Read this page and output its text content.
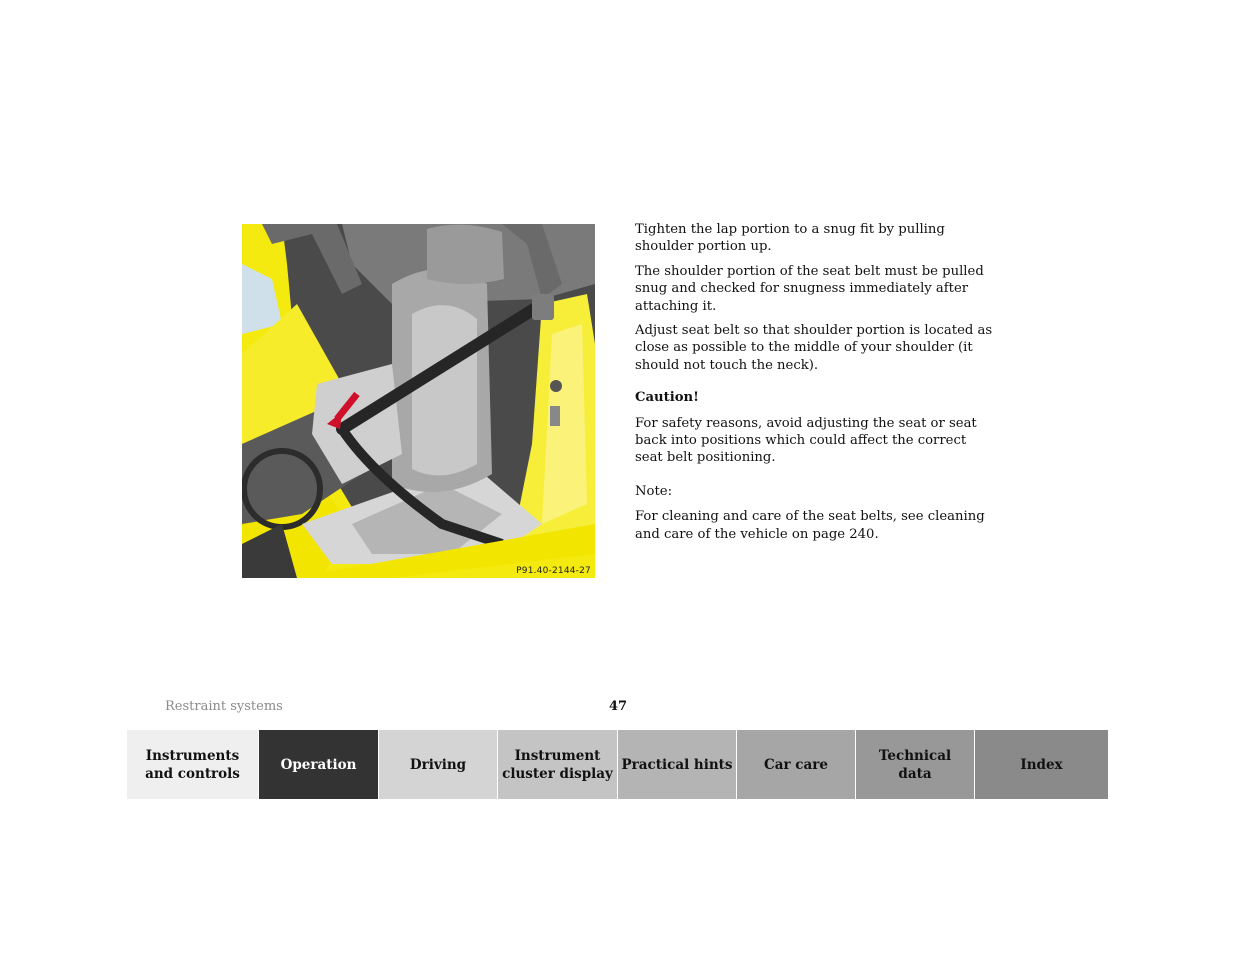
P91.40-2144-27

Tighten the lap portion to a snug fit by pulling shoulder portion up.

The shoulder portion of the seat belt must be pulled snug and checked for snugness immediately after attaching it.

Adjust seat belt so that shoulder portion is located as close as possible to the middle of your shoulder (it should not touch the neck).

Caution!

For safety reasons, avoid adjusting the seat or seat back into positions which could affect the correct seat belt positioning.

Note:

For cleaning and care of the seat belts, see cleaning and care of the vehicle on page 240.

Restraint systems	47
Instruments
and controls
Operation	Driving
Instrument
cluster display
Practical hints Car care
Technical
data
Index
